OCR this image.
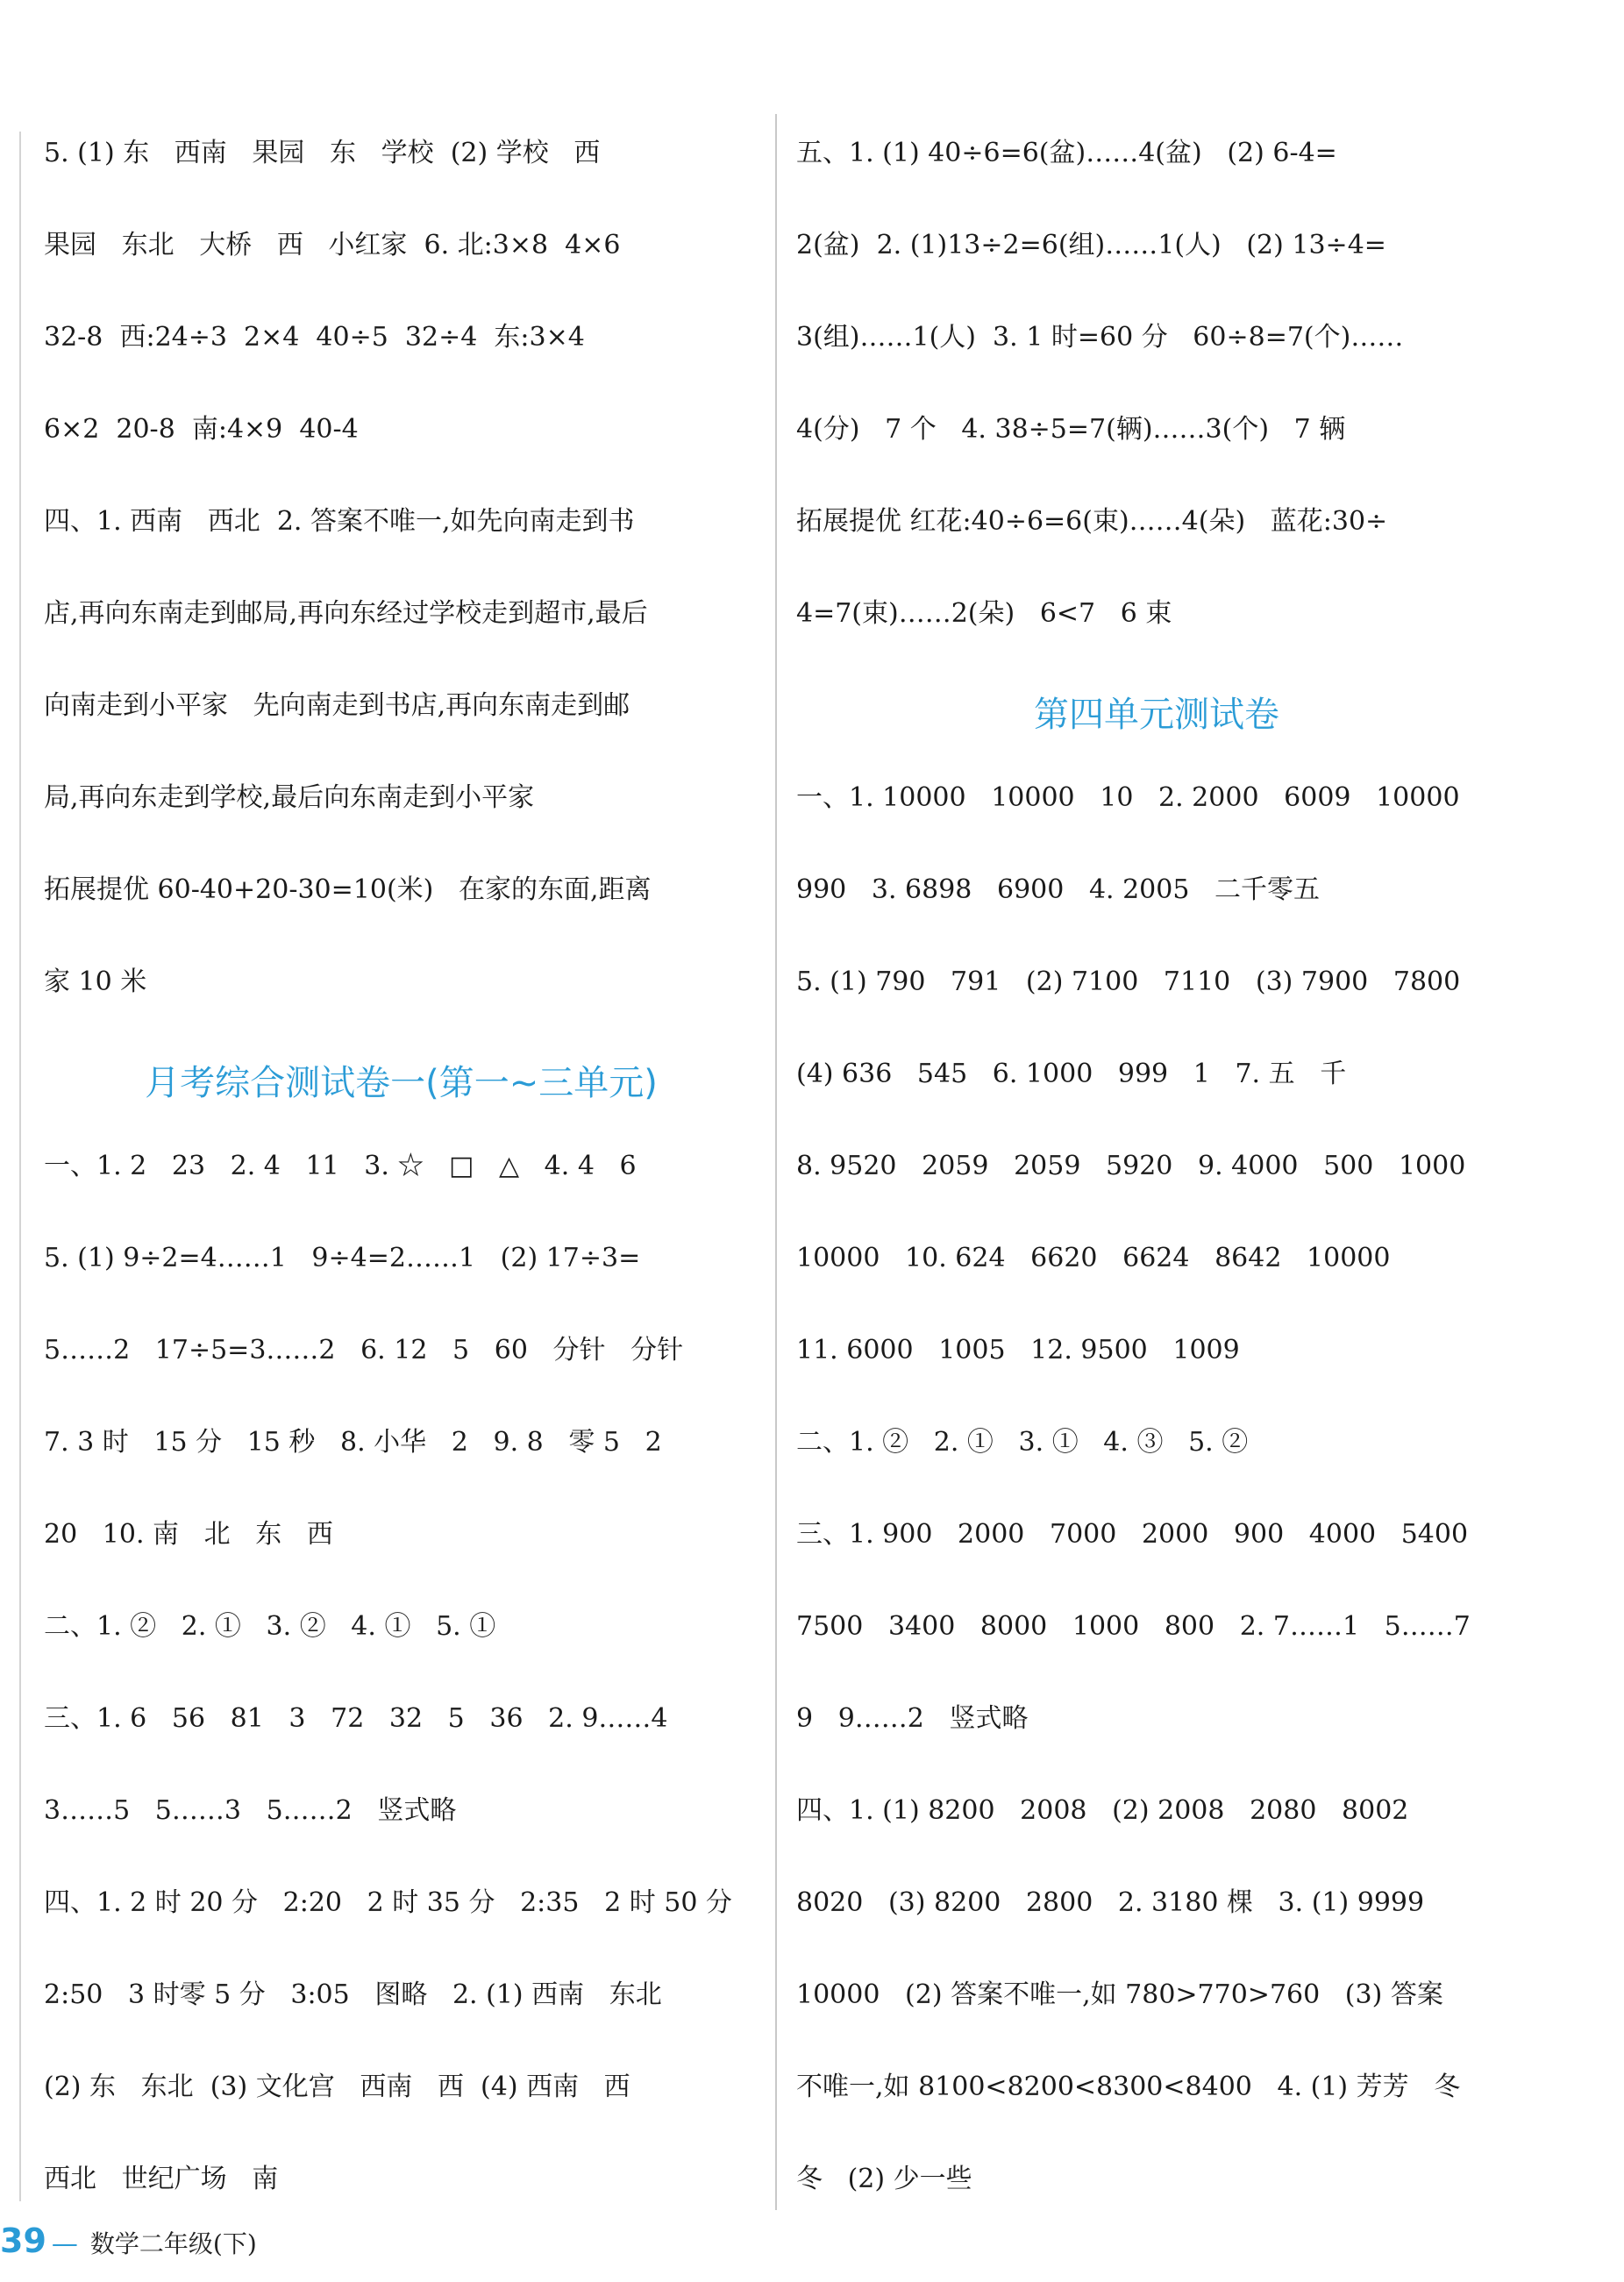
5. (1) 东   西南   果园   东   学校  (2) 学校   西
果园   东北   大桥   西   小红家  6. 北:3×8  4×6
32-8  西:24÷3  2×4  40÷5  32÷4  东:3×4
6×2  20-8  南:4×9  40-4
四、1. 西南   西北  2. 答案不唯一,如先向南走到书
店,再向东南走到邮局,再向东经过学校走到超市,最后
向南走到小平家   先向南走到书店,再向东南走到邮
局,再向东走到学校,最后向东南走到小平家
拓展提优 60-40+20-30=10(米)   在家的东面,距离
家 10 米
月考综合测试卷一(第一~三单元)
一、1. 2   23   2. 4   11   3. ☆   □   △   4. 4   6
5. (1) 9÷2=4……1   9÷4=2……1   (2) 17÷3=
5……2   17÷5=3……2   6. 12   5   60   分针   分针
7. 3 时   15 分   15 秒   8. 小华   2   9. 8   零 5   2
20   10. 南   北   东   西
二、1. ②   2. ①   3. ②   4. ①   5. ①
三、1. 6   56   81   3   72   32   5   36   2. 9……4
3……5   5……3   5……2   竖式略
四、1. 2 时 20 分   2:20   2 时 35 分   2:35   2 时 50 分
2:50   3 时零 5 分   3:05   图略   2. (1) 西南   东北
(2) 东   东北  (3) 文化宫   西南   西  (4) 西南   西
西北   世纪广场   南
五、1. (1) 40÷6=6(盆)……4(盆)   (2) 6-4=
2(盆)  2. (1)13÷2=6(组)……1(人)   (2) 13÷4=
3(组)……1(人)  3. 1 时=60 分   60÷8=7(个)……
4(分)   7 个   4. 38÷5=7(辆)……3(个)   7 辆
拓展提优 红花:40÷6=6(束)……4(朵)   蓝花:30÷
4=7(束)……2(朵)   6<7   6 束
第四单元测试卷
一、1. 10000   10000   10   2. 2000   6009   10000
990   3. 6898   6900   4. 2005   二千零五
5. (1) 790   791   (2) 7100   7110   (3) 7900   7800
(4) 636   545   6. 1000   999   1   7. 五   千
8. 9520   2059   2059   5920   9. 4000   500   1000
10000   10. 624   6620   6624   8642   10000
11. 6000   1005   12. 9500   1009
二、1. ②   2. ①   3. ①   4. ③   5. ②
三、1. 900   2000   7000   2000   900   4000   5400
7500   3400   8000   1000   800   2. 7……1   5……7
9   9……2   竖式略
四、1. (1) 8200   2008   (2) 2008   2080   8002
8020   (3) 8200   2800   2. 3180 棵   3. (1) 9999
10000   (2) 答案不唯一,如 780>770>760   (3) 答案
不唯一,如 8100<8200<8300<8400   4. (1) 芳芳   冬
冬   (2) 少一些
39 — 数学二年级(下)
